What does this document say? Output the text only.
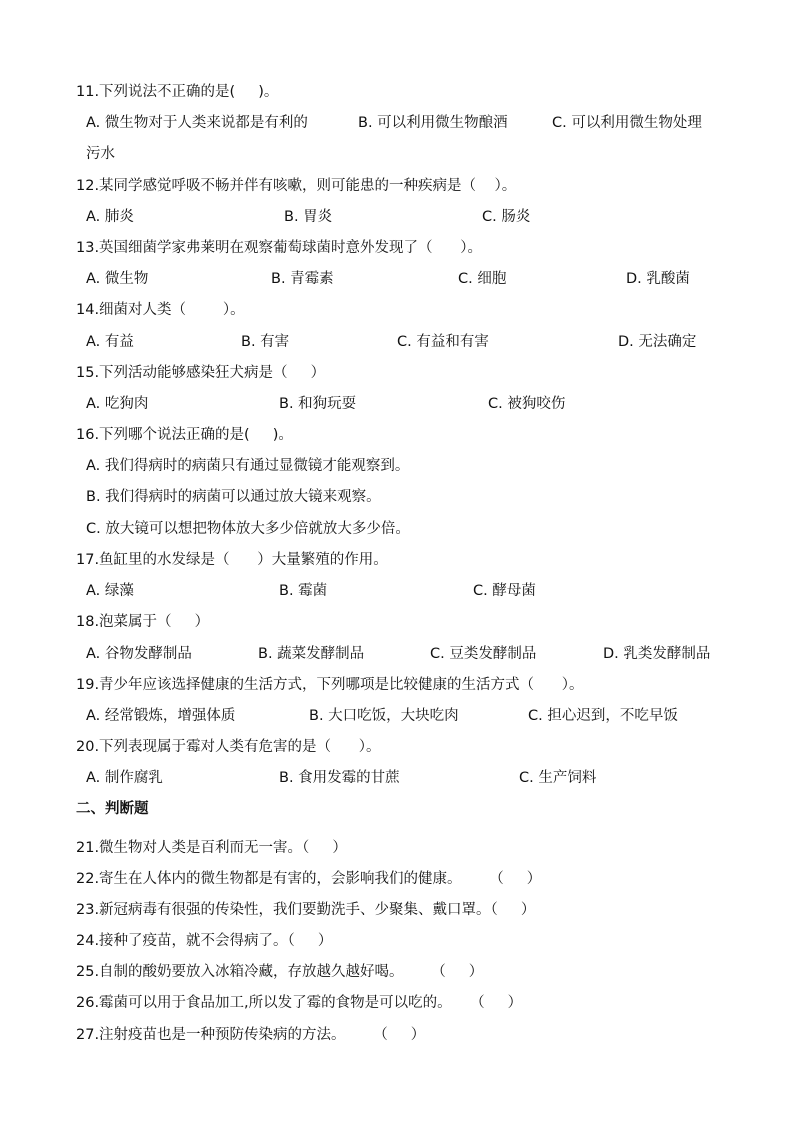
11.下列说法不正确的是(     )。
A. 微生物对于人类来说都是有利的	B. 可以利用微生物酿酒	C. 可以利用微生物处理
污水
12.某同学感觉呼吸不畅并伴有咳嗽，则可能患的一种疾病是（    ）。
A. 肺炎	B. 胃炎	C. 肠炎
13.英国细菌学家弗莱明在观察葡萄球菌时意外发现了（      ）。
A. 微生物	B. 青霉素	C. 细胞	D. 乳酸菌
14.细菌对人类（        ）。
A. 有益	B. 有害	C. 有益和有害	D. 无法确定
15.下列活动能够感染狂犬病是（     ）
A. 吃狗肉	B. 和狗玩耍	C. 被狗咬伤
16.下列哪个说法正确的是(     )。
A. 我们得病时的病菌只有通过显微镜才能观察到。
B. 我们得病时的病菌可以通过放大镜来观察。
C. 放大镜可以想把物体放大多少倍就放大多少倍。
17.鱼缸里的水发绿是（      ）大量繁殖的作用。
A. 绿藻	B. 霉菌	C. 酵母菌
18.泡菜属于（     ）
A. 谷物发酵制品	B. 蔬菜发酵制品	C. 豆类发酵制品	D. 乳类发酵制品
19.青少年应该选择健康的生活方式，下列哪项是比较健康的生活方式（      ）。
A. 经常锻炼，增强体质	B. 大口吃饭，大块吃肉	C. 担心迟到，不吃早饭
20.下列表现属于霉对人类有危害的是（      ）。
A. 制作腐乳	B. 食用发霉的甘蔗	C. 生产饲料
二、判断题
21.微生物对人类是百利而无一害。（     ）
22.寄生在人体内的微生物都是有害的，会影响我们的健康。      （     ）
23.新冠病毒有很强的传染性，我们要勤洗手、少聚集、戴口罩。（     ）
24.接种了疫苗，就不会得病了。（     ）
25.自制的酸奶要放入冰箱冷藏，存放越久越好喝。      （     ）
26.霉菌可以用于食品加工,所以发了霉的食物是可以吃的。    （     ）
27.注射疫苗也是一种预防传染病的方法。      （     ）
